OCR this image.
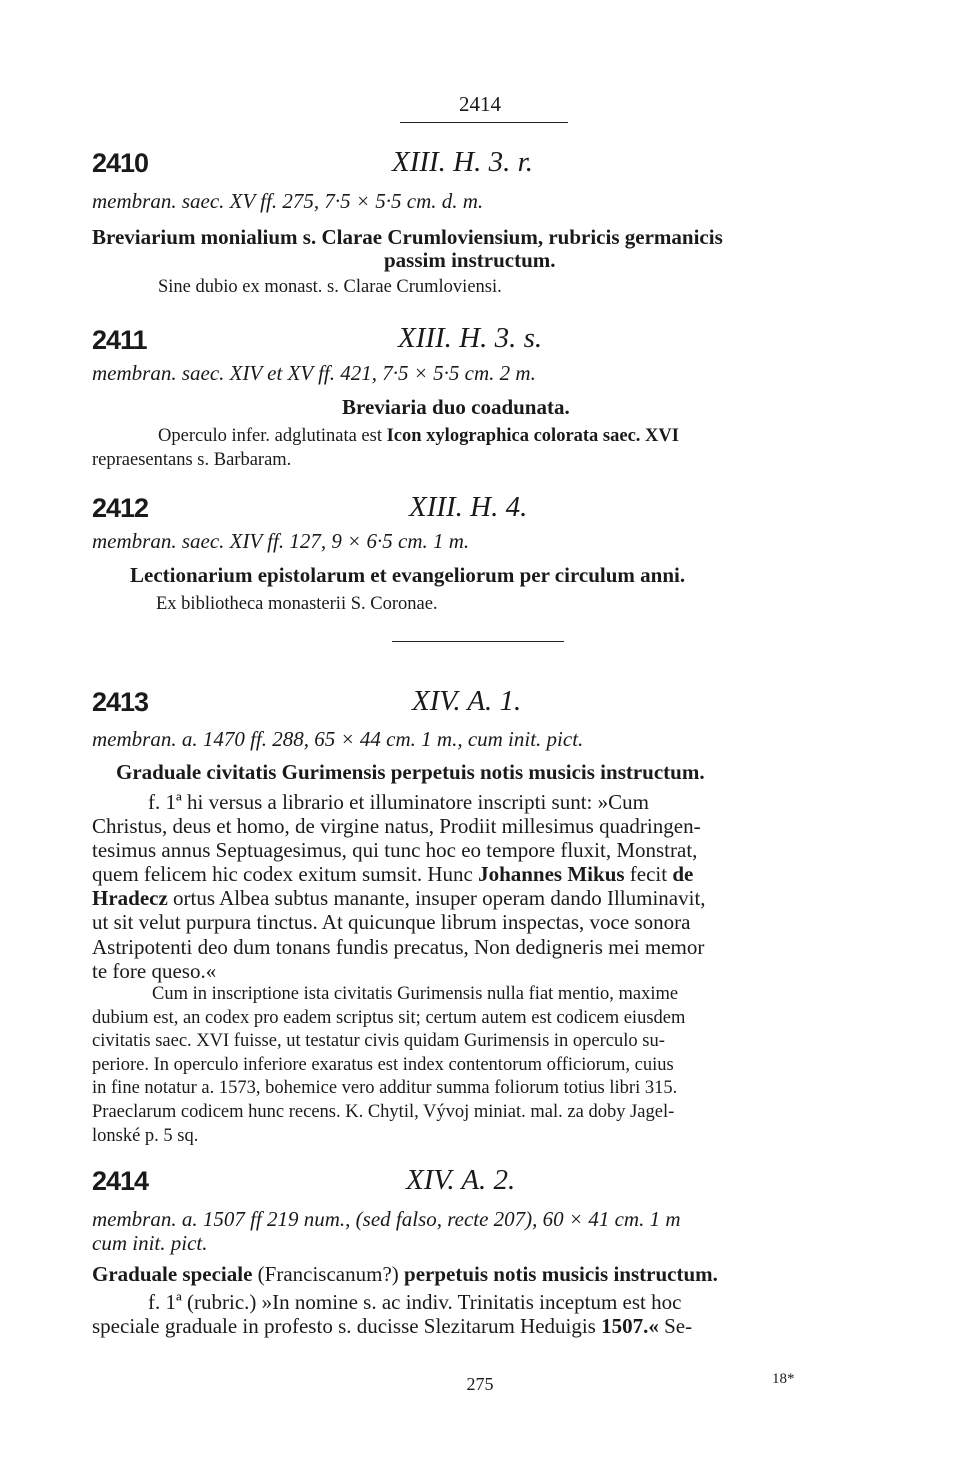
2414
2410	XIII. H. 3. r.
membran. saec. XV ff. 275, 7·5 × 5·5 cm. d. m.
Breviarium monialium s. Clarae Crumloviensium, rubricis germanicis
passim instructum.
Sine dubio ex monast. s. Clarae Crumloviensi.
2411	XIII. H. 3. s.
membran. saec. XIV et XV ff. 421, 7·5 × 5·5 cm. 2 m.
Breviaria duo coadunata.
Operculo infer. adglutinata est Icon xylographica colorata saec. XVI
repraesentans s. Barbaram.
2412	XIII. H. 4.
membran. saec. XIV ff. 127, 9 × 6·5 cm. 1 m.
Lectionarium epistolarum et evangeliorum per circulum anni.
Ex bibliotheca monasterii S. Coronae.
2413	XIV. A. 1.
membran. a. 1470 ff. 288, 65 × 44 cm. 1 m., cum init. pict.
Graduale civitatis Gurimensis perpetuis notis musicis instructum.
f. 1ª hi versus a librario et illuminatore inscripti sunt: »Cum
Christus, deus et homo, de virgine natus, Prodiit millesimus quadringen-
tesimus annus Septuagesimus, qui tunc hoc eo tempore fluxit, Monstrat,
quem felicem hic codex exitum sumsit. Hunc Johannes Mikus fecit de
Hradecz ortus Albea subtus manante, insuper operam dando Illuminavit,
ut sit velut purpura tinctus. At quicunque librum inspectas, voce sonora
Astripotenti deo dum tonans fundis precatus, Non dedigneris mei memor
te fore queso.«
Cum in inscriptione ista civitatis Gurimensis nulla fiat mentio, maxime
dubium est, an codex pro eadem scriptus sit; certum autem est codicem eiusdem
civitatis saec. XVI fuisse, ut testatur civis quidam Gurimensis in operculo su-
periore. In operculo inferiore exaratus est index contentorum officiorum, cuius
in fine notatur a. 1573, bohemice vero additur summa foliorum totius libri 315.
Praeclarum codicem hunc recens. K. Chytil, Vývoj miniat. mal. za doby Jagel-
lonské p. 5 sq.
2414	XIV. A. 2.
membran. a. 1507 ff 219 num., (sed falso, recte 207), 60 × 41 cm. 1 m
cum init. pict.
Graduale speciale (Franciscanum?) perpetuis notis musicis instructum.
f. 1ª (rubric.) »In nomine s. ac indiv. Trinitatis inceptum est hoc
speciale graduale in profesto s. ducisse Slezitarum Heduigis 1507.« Se-
275	18*
